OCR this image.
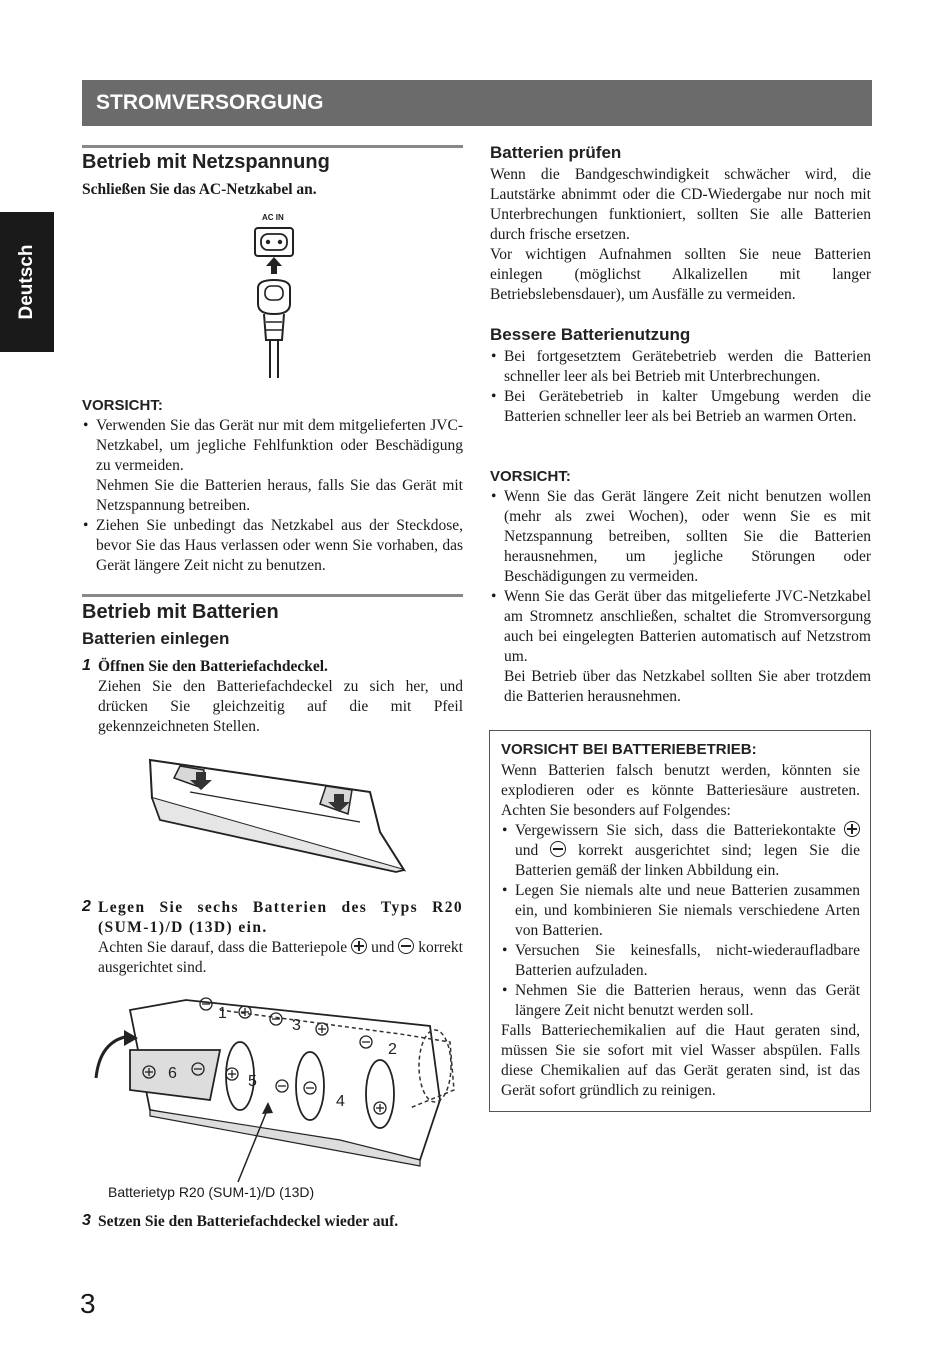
STROMVERSORGUNG
Deutsch
Betrieb mit Netzspannung
Schließen Sie das AC-Netzkabel an.
AC IN
VORSICHT:
• Verwenden Sie das Gerät nur mit dem mitgelieferten JVC-Netzkabel, um jegliche Fehlfunktion oder Beschädigung zu vermeiden.
Nehmen Sie die Batterien heraus, falls Sie das Gerät mit Netzspannung betreiben.
• Ziehen Sie unbedingt das Netzkabel aus der Steckdose, bevor Sie das Haus verlassen oder wenn Sie vorhaben, das Gerät längere Zeit nicht zu benutzen.
Betrieb mit Batterien
Batterien einlegen
1 Öffnen Sie den Batteriefachdeckel.
Ziehen Sie den Batteriefachdeckel zu sich her, und drücken Sie gleichzeitig auf die mit Pfeil gekennzeichneten Stellen.
2 Legen Sie sechs Batterien des Typs R20 (SUM-1)/D (13D) ein.
Achten Sie darauf, dass die Batteriepole und korrekt ausgerichtet sind.
1
2
3
4
5
6
Batterietyp R20 (SUM-1)/D (13D)
3 Setzen Sie den Batteriefachdeckel wieder auf.
Batterien prüfen
Wenn die Bandgeschwindigkeit schwächer wird, die Lautstärke abnimmt oder die CD-Wiedergabe nur noch mit Unterbrechungen funktioniert, sollten Sie alle Batterien durch frische ersetzen.
Vor wichtigen Aufnahmen sollten Sie neue Batterien einlegen (möglichst Alkalizellen mit langer Betriebslebensdauer), um Ausfälle zu vermeiden.
Bessere Batterienutzung
• Bei fortgesetztem Gerätebetrieb werden die Batterien schneller leer als bei Betrieb mit Unterbrechungen.
• Bei Gerätebetrieb in kalter Umgebung werden die Batterien schneller leer als bei Betrieb an warmen Orten.
VORSICHT:
• Wenn Sie das Gerät längere Zeit nicht benutzen wollen (mehr als zwei Wochen), oder wenn Sie es mit Netzspannung betreiben, sollten Sie die Batterien herausnehmen, um jegliche Störungen oder Beschädigungen zu vermeiden.
• Wenn Sie das Gerät über das mitgelieferte JVC-Netzkabel am Stromnetz anschließen, schaltet die Stromversorgung auch bei eingelegten Batterien automatisch auf Netzstrom um.
Bei Betrieb über das Netzkabel sollten Sie aber trotzdem die Batterien herausnehmen.
VORSICHT BEI BATTERIEBETRIEB:
Wenn Batterien falsch benutzt werden, könnten sie explodieren oder es könnte Batteriesäure austreten. Achten Sie besonders auf Folgendes:
• Vergewissern Sie sich, dass die Batteriekontakte  und	korrekt ausgerichtet sind; legen Sie die Batterien gemäß der linken Abbildung ein.
• Legen Sie niemals alte und neue Batterien zusammen ein, und kombinieren Sie niemals verschiedene Arten von Batterien.
• Versuchen Sie keinesfalls, nicht-wiederaufladbare Batterien aufzuladen.
• Nehmen Sie die Batterien heraus, wenn das Gerät längere Zeit nicht benutzt werden soll.
Falls Batteriechemikalien auf die Haut geraten sind, müssen Sie sie sofort mit viel Wasser abspülen. Falls diese Chemikalien auf das Gerät geraten sind, ist das Gerät sofort gründlich zu reinigen.
3
